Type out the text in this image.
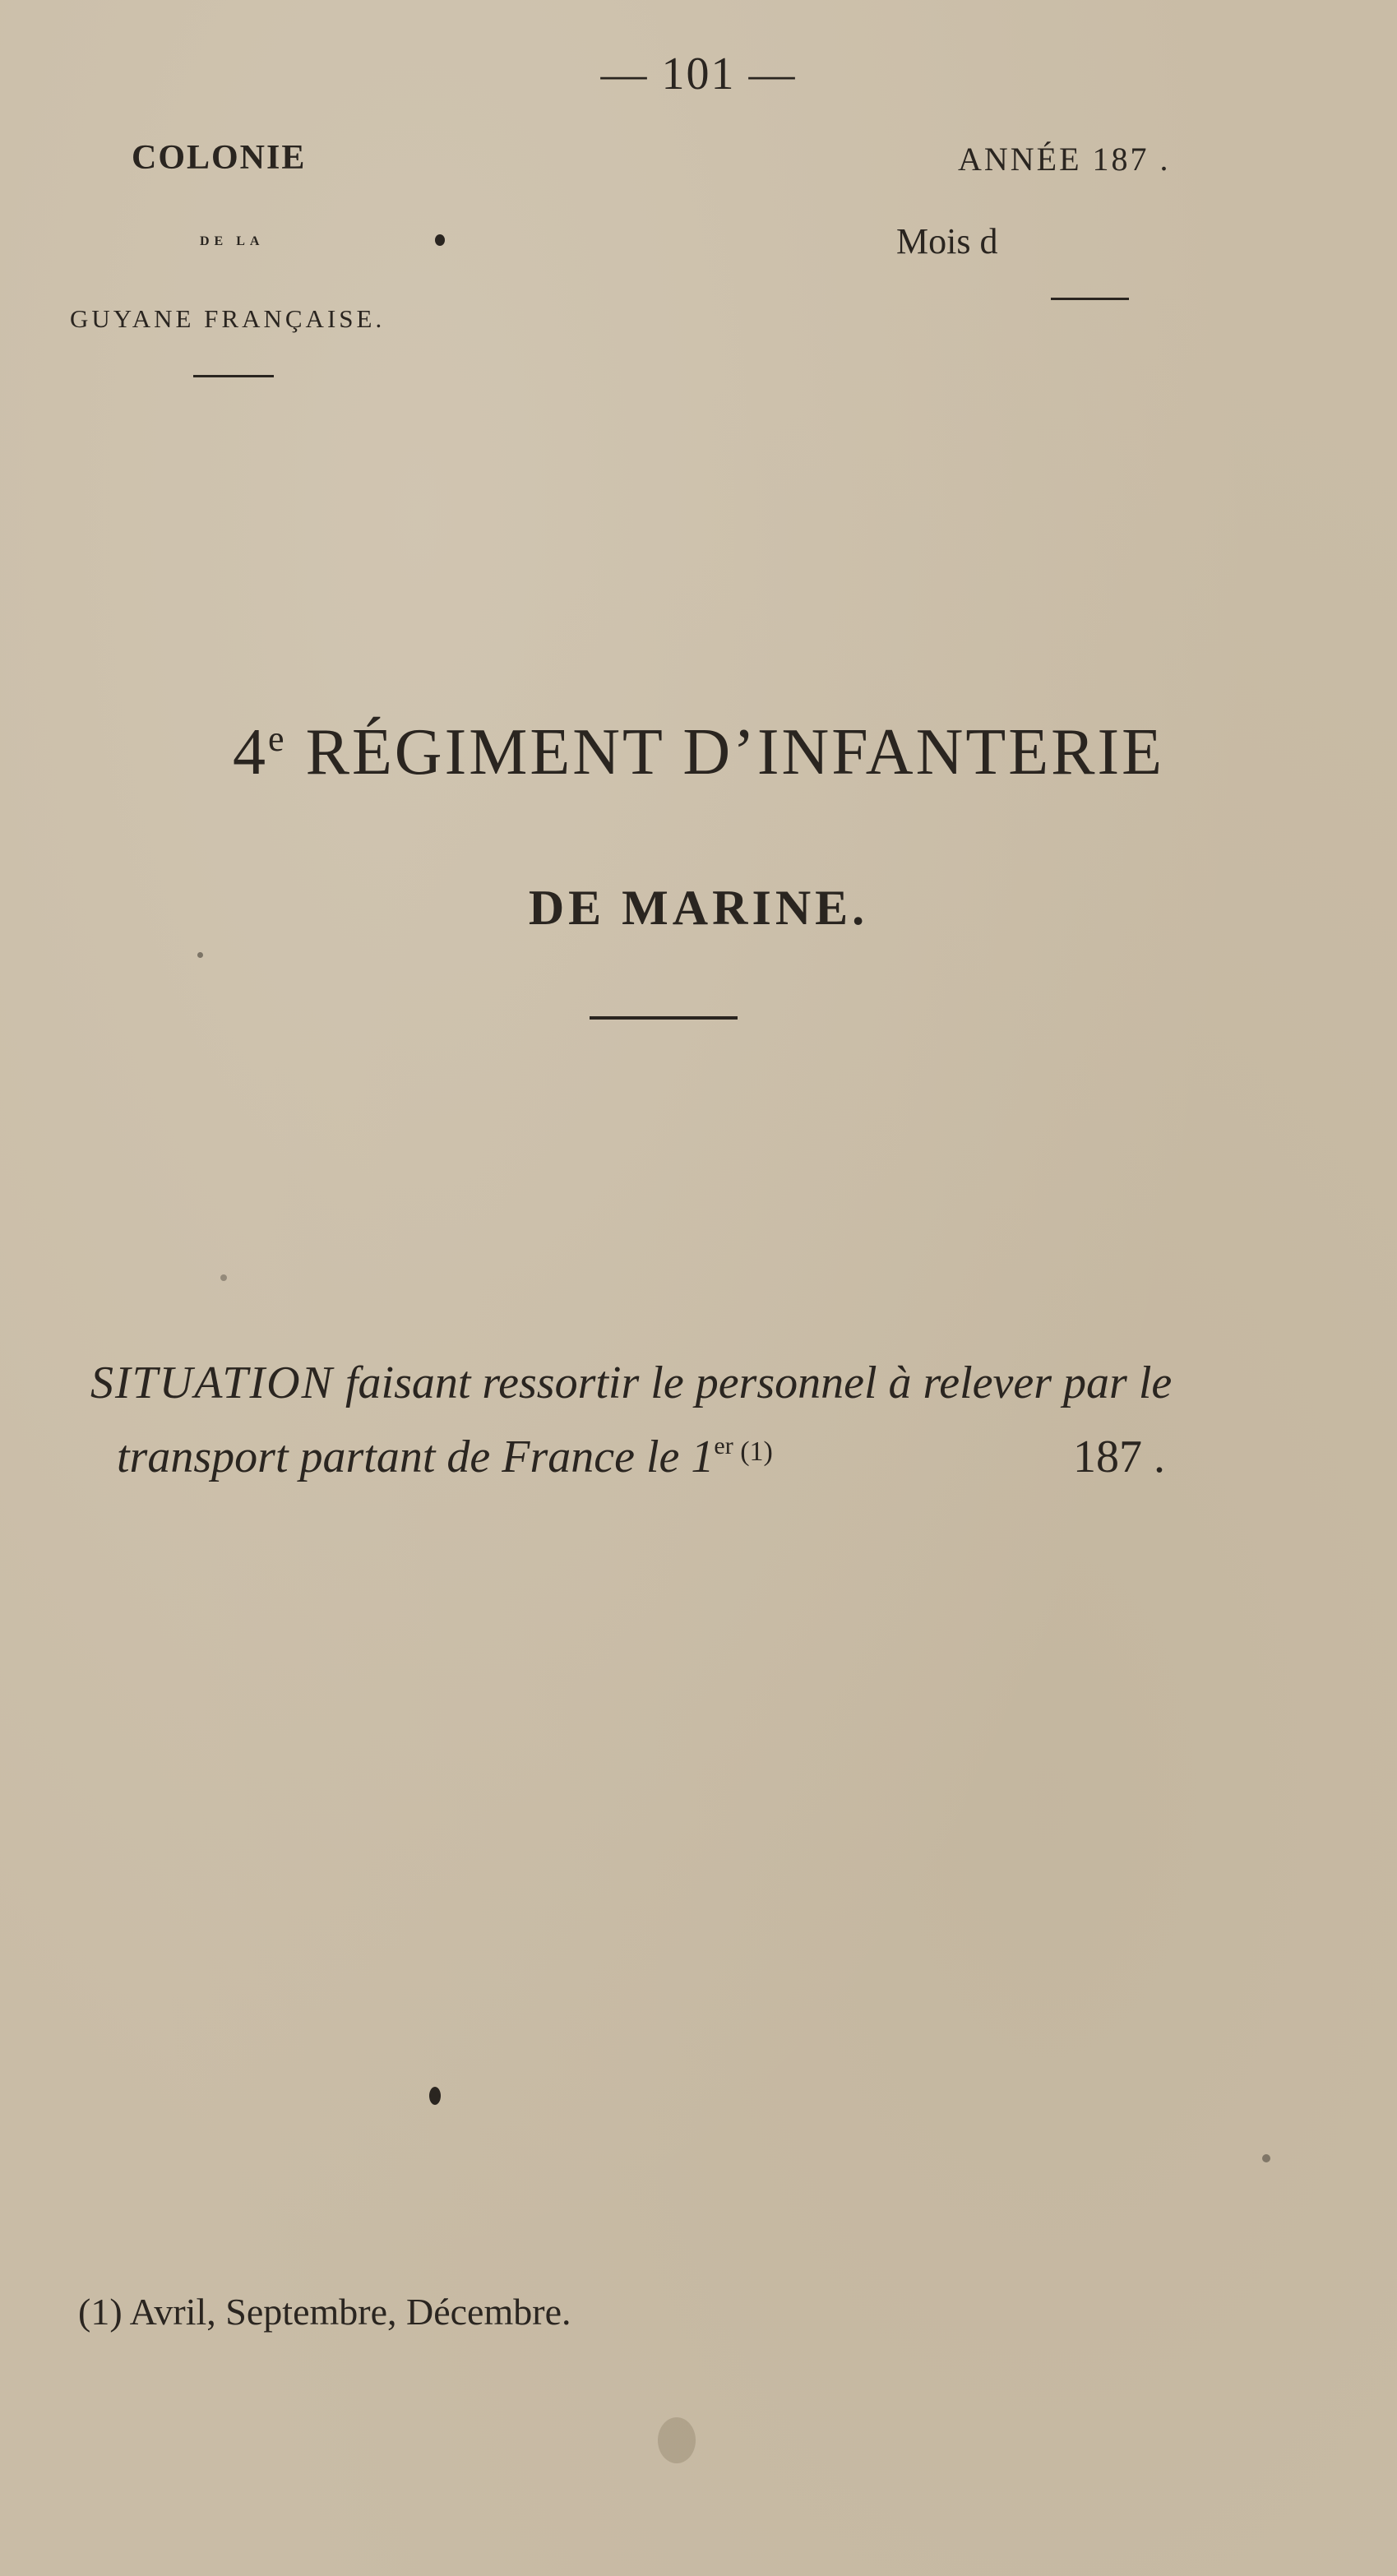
— 101 —
COLONIE
DE LA
GUYANE FRANÇAISE.
ANNÉE 187 .
Mois d
4e RÉGIMENT D’INFANTERIE
DE MARINE.
SITUATION faisant ressortir le personnel à relever par le
transport partant de France le 1er $^{(1)}$	187 .
(1) Avril, Septembre, Décembre.
